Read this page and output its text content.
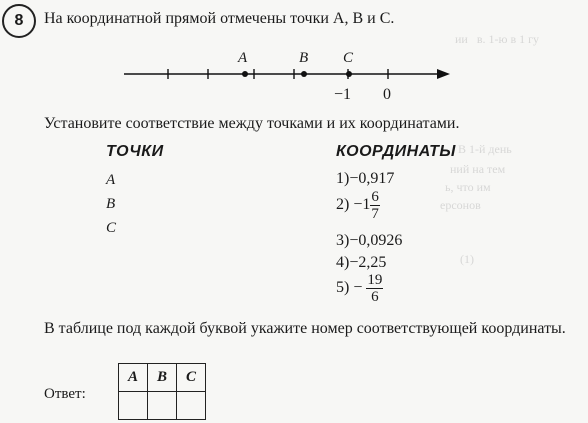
ии   в. 1-ю в 1 гу
В 1-й день
ний на тем
ь, что им
ерсонов
(1)
8 На координатной прямой отмечены точки A, B и C.
A	B C
−1 0
Установите соответствие между точками и их координатами.
ТОЧКИ	КООРДИНАТЫ
A
B
C
1)−0,917
$2) -1 \frac{6}{7}$
3)−0,0926
4)−2,25
$5) - \frac{19}{6}$
В таблице под каждой буквой укажите номер соответствующей координаты.
Ответ:
A	B	C
